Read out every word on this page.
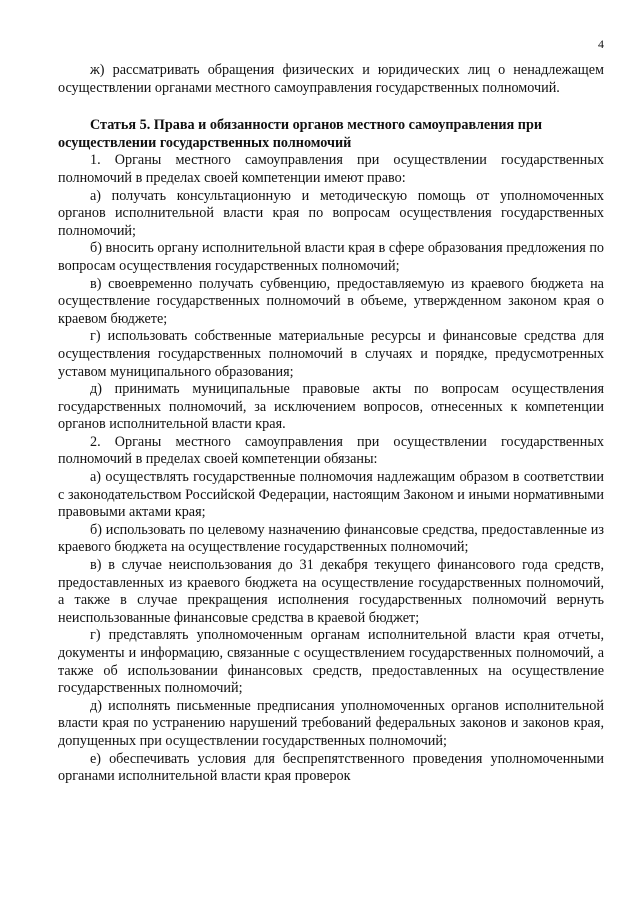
4

ж) рассматривать обращения физических и юридических лиц о ненадлежащем осуществлении органами местного самоуправления государственных полномочий.

Статья 5. Права и обязанности органов местного самоуправления при осуществлении государственных полномочий

1. Органы местного самоуправления при осуществлении государственных полномочий в пределах своей компетенции имеют право:

а) получать консультационную и методическую помощь от уполномоченных органов исполнительной власти края по вопросам осуществления государственных полномочий;

б) вносить органу исполнительной власти края в сфере образования предложения по вопросам осуществления государственных полномочий;

в) своевременно получать субвенцию, предоставляемую из краевого бюджета на осуществление государственных полномочий в объеме, утвержденном законом края о краевом бюджете;

г) использовать собственные материальные ресурсы и финансовые средства для осуществления государственных полномочий в случаях и порядке, предусмотренных уставом муниципального образования;

д) принимать муниципальные правовые акты по вопросам осуществления государственных полномочий, за исключением вопросов, отнесенных к компетенции органов исполнительной власти края.

2. Органы местного самоуправления при осуществлении государственных полномочий в пределах своей компетенции обязаны:

а) осуществлять государственные полномочия надлежащим образом в соответствии с законодательством Российской Федерации, настоящим Законом и иными нормативными правовыми актами края;

б) использовать по целевому назначению финансовые средства, предоставленные из краевого бюджета на осуществление государственных полномочий;

в) в случае неиспользования до 31 декабря текущего финансового года средств, предоставленных из краевого бюджета на осуществление государственных полномочий, а также в случае прекращения исполнения государственных полномочий вернуть неиспользованные финансовые средства в краевой бюджет;

г) представлять уполномоченным органам исполнительной власти края отчеты, документы и информацию, связанные с осуществлением государственных полномочий, а также об использовании финансовых средств, предоставленных на осуществление государственных полномочий;

д) исполнять письменные предписания уполномоченных органов исполнительной власти края по устранению нарушений требований федеральных законов и законов края, допущенных при осуществлении государственных полномочий;

е) обеспечивать условия для беспрепятственного проведения уполномоченными органами исполнительной власти края проверок
